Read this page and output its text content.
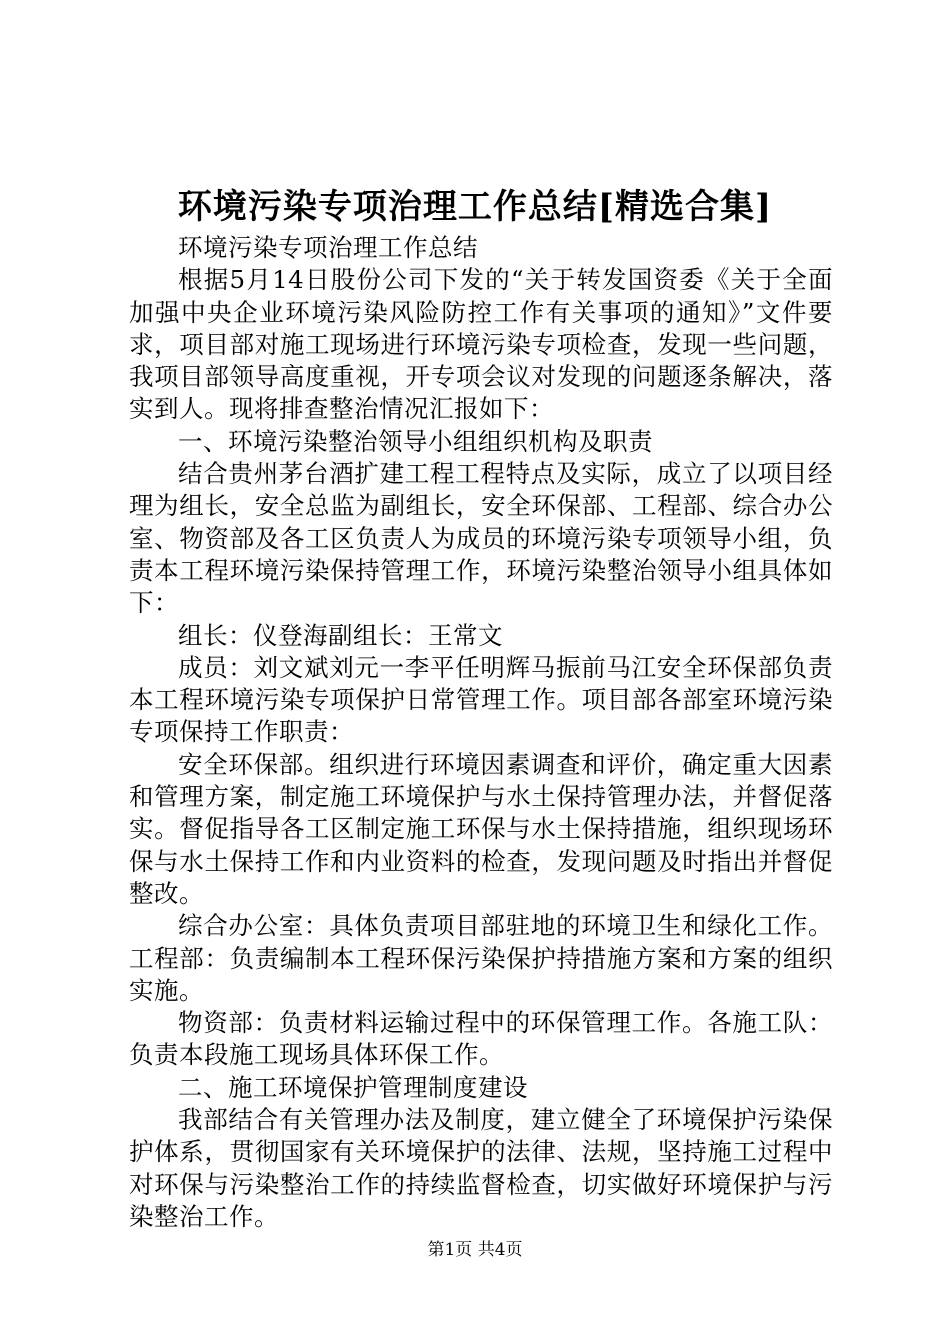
环境污染专项治理工作总结[精选合集]

环境污染专项治理工作总结

根据5月14日股份公司下发的“关于转发国资委《关于全面加强中央企业环境污染风险防控工作有关事项的通知》”文件要求，项目部对施工现场进行环境污染专项检查，发现一些问题，我项目部领导高度重视，开专项会议对发现的问题逐条解决，落实到人。现将排查整治情况汇报如下：

一、环境污染整治领导小组组织机构及职责

结合贵州茅台酒扩建工程工程特点及实际，成立了以项目经理为组长，安全总监为副组长，安全环保部、工程部、综合办公室、物资部及各工区负责人为成员的环境污染专项领导小组，负责本工程环境污染保持管理工作，环境污染整治领导小组具体如下：

组长：仪登海副组长：王常文

成员：刘文斌刘元一李平任明辉马振前马江安全环保部负责本工程环境污染专项保护日常管理工作。项目部各部室环境污染专项保持工作职责：

安全环保部。组织进行环境因素调查和评价，确定重大因素和管理方案，制定施工环境保护与水土保持管理办法，并督促落实。督促指导各工区制定施工环保与水土保持措施，组织现场环保与水土保持工作和内业资料的检查，发现问题及时指出并督促整改。

综合办公室：具体负责项目部驻地的环境卫生和绿化工作。工程部：负责编制本工程环保污染保护持措施方案和方案的组织实施。

物资部：负责材料运输过程中的环保管理工作。各施工队：负责本段施工现场具体环保工作。

二、施工环境保护管理制度建设

我部结合有关管理办法及制度，建立健全了环境保护污染保护体系，贯彻国家有关环境保护的法律、法规，坚持施工过程中对环保与污染整治工作的持续监督检查，切实做好环境保护与污染整治工作。

第1页 共4页
